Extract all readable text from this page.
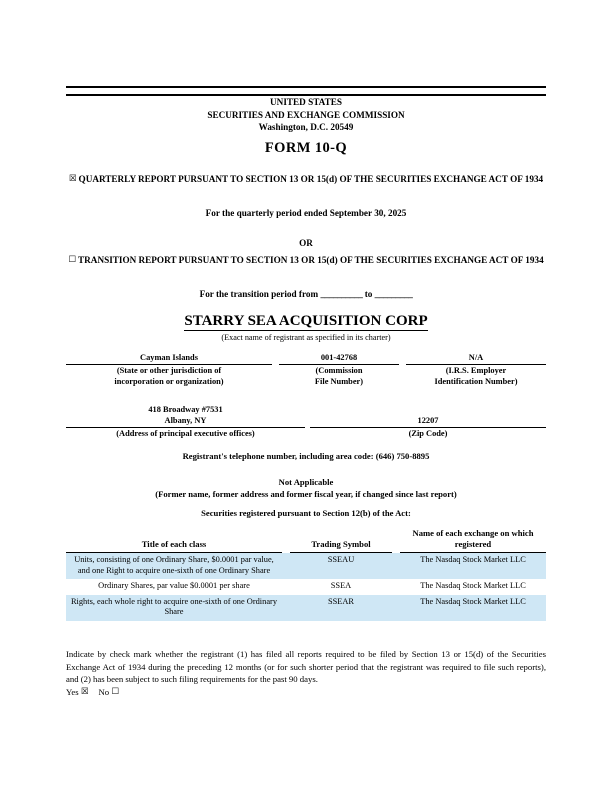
UNITED STATES
SECURITIES AND EXCHANGE COMMISSION
Washington, D.C. 20549
FORM 10-Q
☒ QUARTERLY REPORT PURSUANT TO SECTION 13 OR 15(d) OF THE SECURITIES EXCHANGE ACT OF 1934
For the quarterly period ended September 30, 2025
OR
☐ TRANSITION REPORT PURSUANT TO SECTION 13 OR 15(d) OF THE SECURITIES EXCHANGE ACT OF 1934
For the transition period from __________ to _________
STARRY SEA ACQUISITION CORP
(Exact name of registrant as specified in its charter)
Cayman Islands
(State or other jurisdiction of
incorporation or organization)
001-42768
(Commission
File Number)
N/A
(I.R.S. Employer
Identification Number)
418 Broadway #7531
Albany, NY
(Address of principal executive offices)
12207
(Zip Code)
Registrant's telephone number, including area code: (646) 750-8895
Not Applicable
(Former name, former address and former fiscal year, if changed since last report)
Securities registered pursuant to Section 12(b) of the Act:
Title of each class		Trading Symbol		Name of each exchange on which registered
Units, consisting of one Ordinary Share, $0.0001 par value, and one Right to acquire one-sixth of one Ordinary Share		SSEAU		The Nasdaq Stock Market LLC
Ordinary Shares, par value $0.0001 per share		SSEA		The Nasdaq Stock Market LLC
Rights, each whole right to acquire one-sixth of one Ordinary Share		SSEAR		The Nasdaq Stock Market LLC
Indicate by check mark whether the registrant (1) has filed all reports required to be filed by Section 13 or 15(d) of the Securities Exchange Act of 1934 during the preceding 12 months (or for such shorter period that the registrant was required to file such reports), and (2) has been subject to such filing requirements for the past 90 days.
Yes ☒ No ☐
